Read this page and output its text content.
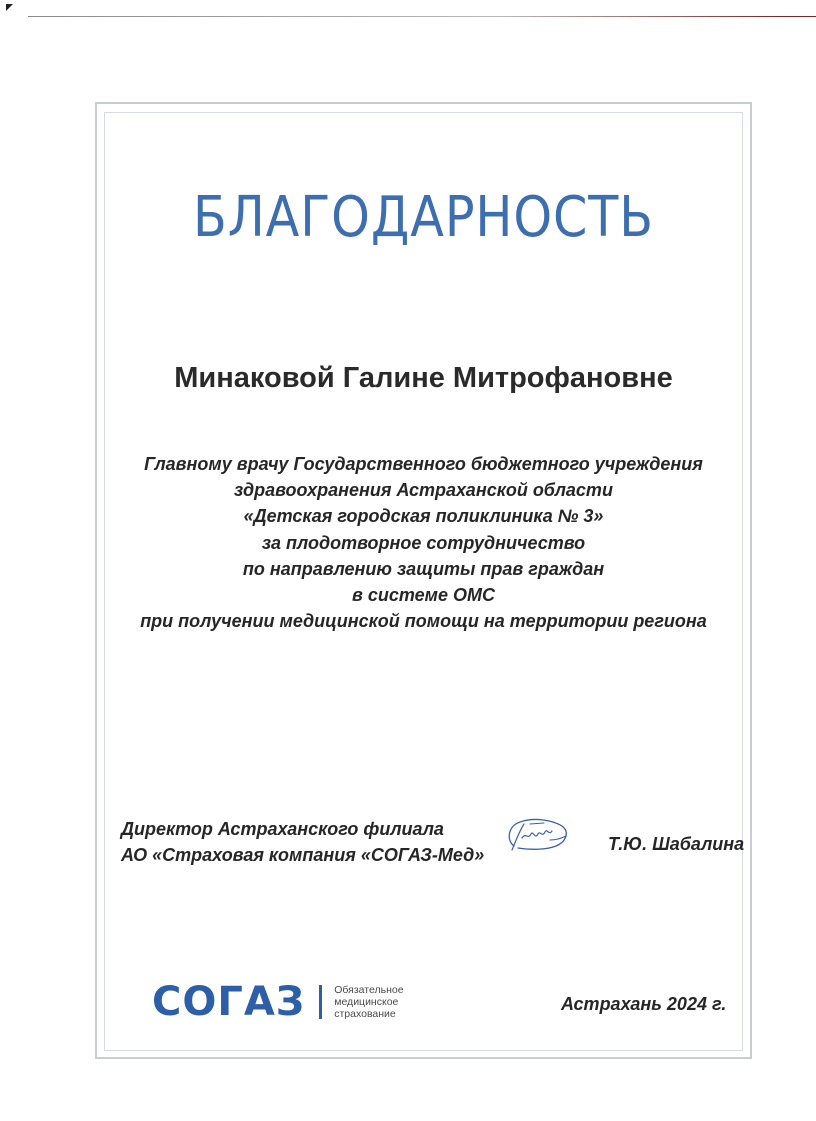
БЛАГОДАРНОСТЬ
Минаковой Галине Митрофановне
Главному врачу Государственного бюджетного учреждения
здравоохранения Астраханской области
«Детская городская поликлиника № 3»
за плодотворное сотрудничество
по направлению защиты прав граждан
в системе ОМС
при получении медицинской помощи на территории региона
Директор Астраханского филиала
АО «Страховая компания «СОГАЗ-Мед»
Т.Ю. Шабалина
СОГАЗ	Обязательное
медицинское
страхование	Астрахань 2024 г.
